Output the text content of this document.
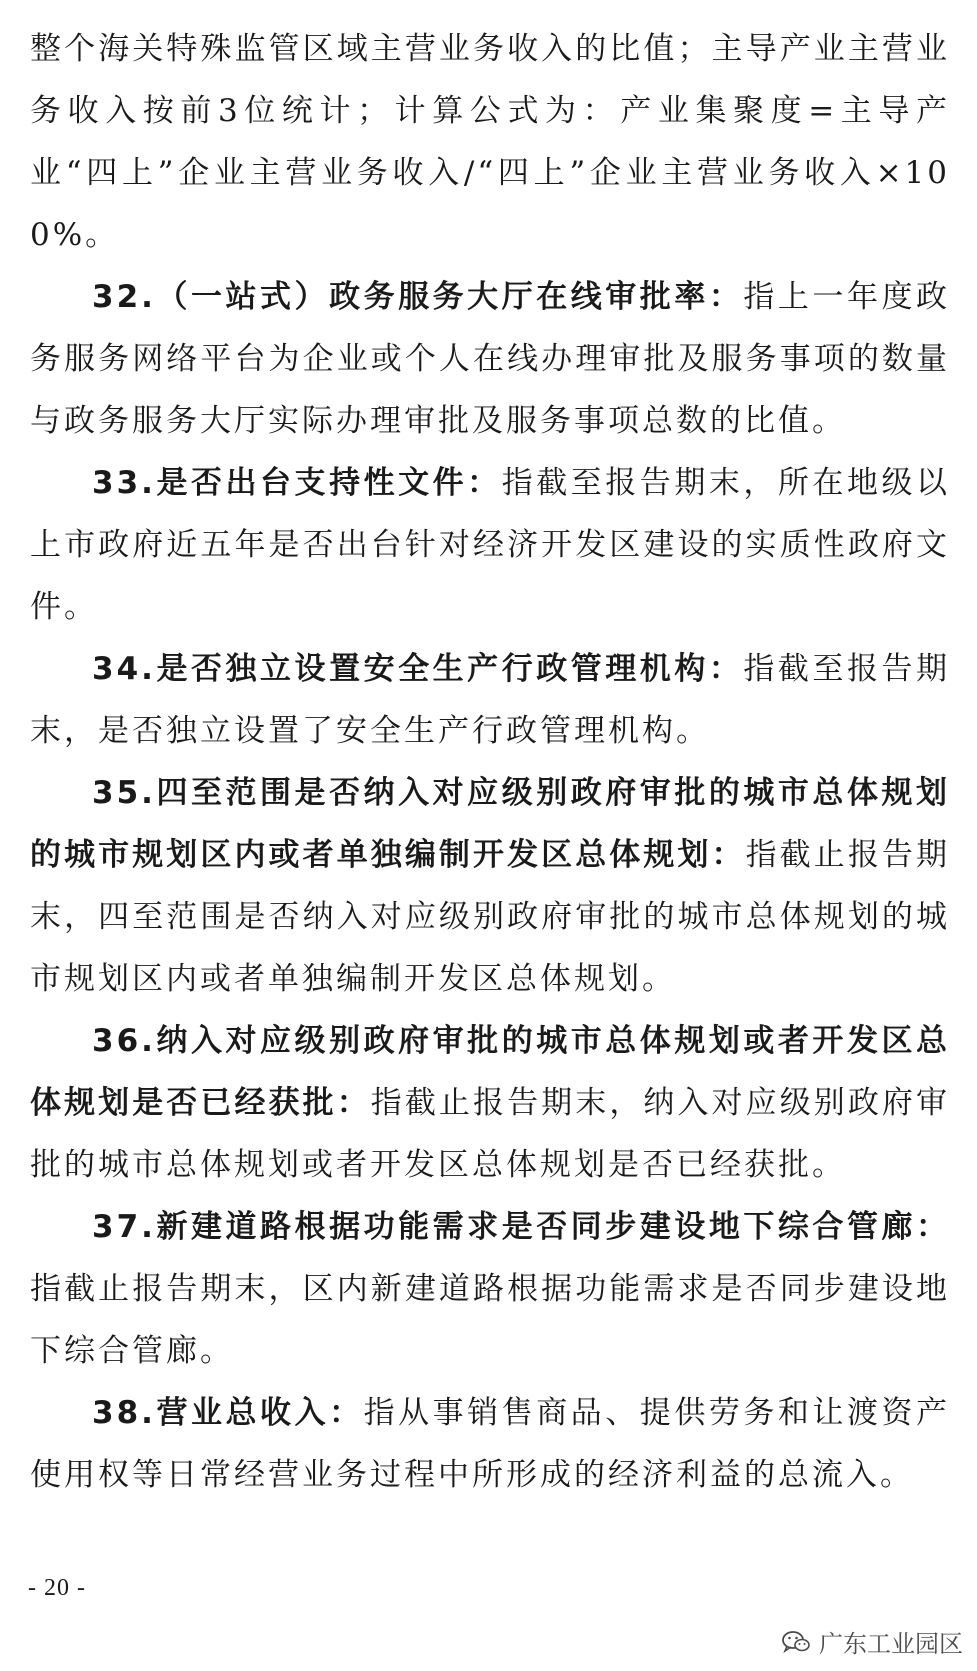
整个海关特殊监管区域主营业务收入的比值；主导产业主营业务收入按前3位统计；计算公式为：产业集聚度=主导产业“四上”企业主营业务收入/“四上”企业主营业务收入×100%。

32.（一站式）政务服务大厅在线审批率：指上一年度政务服务网络平台为企业或个人在线办理审批及服务事项的数量与政务服务大厅实际办理审批及服务事项总数的比值。

33.是否出台支持性文件：指截至报告期末，所在地级以上市政府近五年是否出台针对经济开发区建设的实质性政府文件。

34.是否独立设置安全生产行政管理机构：指截至报告期末，是否独立设置了安全生产行政管理机构。

35.四至范围是否纳入对应级别政府审批的城市总体规划的城市规划区内或者单独编制开发区总体规划：指截止报告期末，四至范围是否纳入对应级别政府审批的城市总体规划的城市规划区内或者单独编制开发区总体规划。

36.纳入对应级别政府审批的城市总体规划或者开发区总体规划是否已经获批：指截止报告期末，纳入对应级别政府审批的城市总体规划或者开发区总体规划是否已经获批。

37.新建道路根据功能需求是否同步建设地下综合管廊：指截止报告期末，区内新建道路根据功能需求是否同步建设地下综合管廊。

38.营业总收入：指从事销售商品、提供劳务和让渡资产使用权等日常经营业务过程中所形成的经济利益的总流入。

- 20 -
广东工业园区
